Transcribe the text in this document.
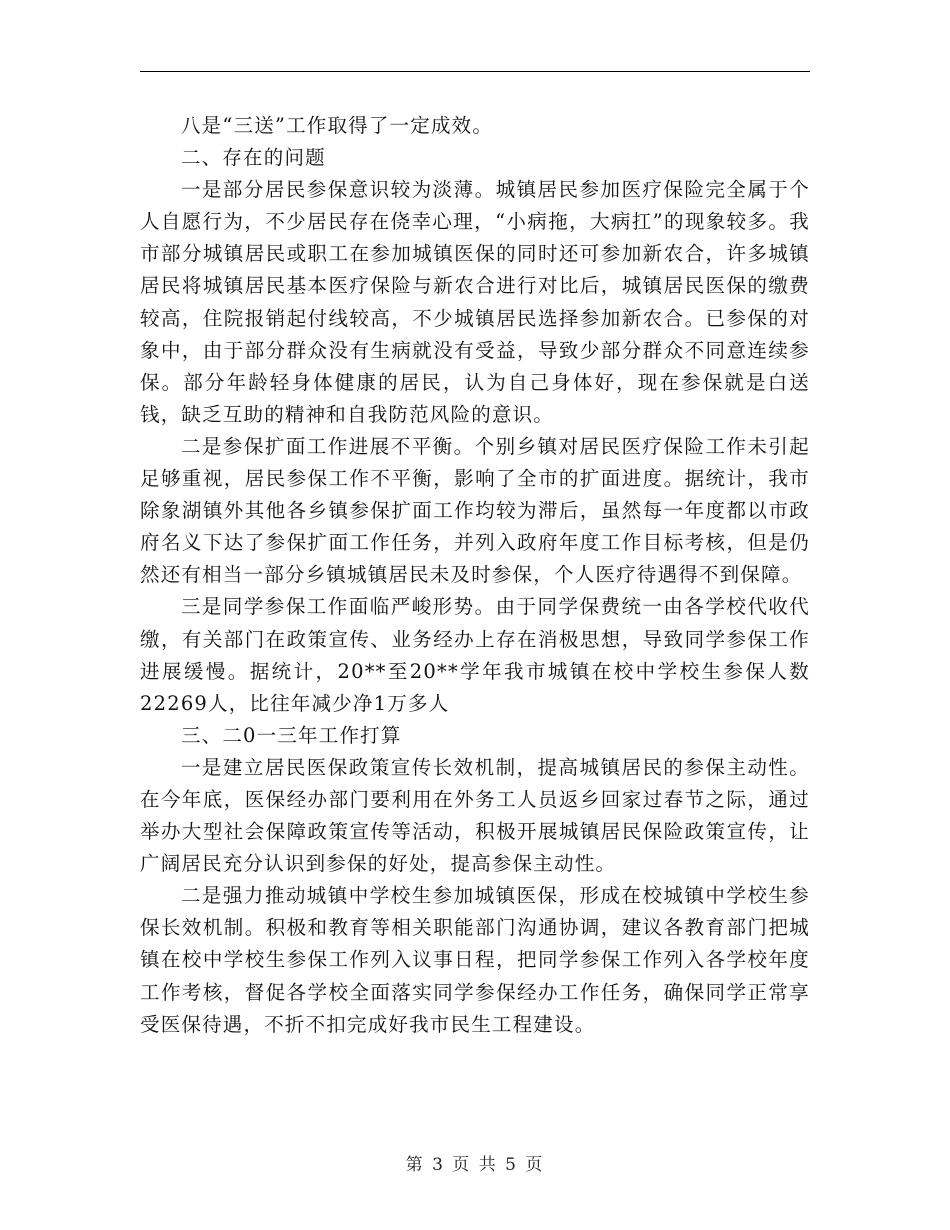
八是“三送”工作取得了一定成效。

二、存在的问题

一是部分居民参保意识较为淡薄。城镇居民参加医疗保险完全属于个人自愿行为，不少居民存在侥幸心理，“小病拖，大病扛”的现象较多。我市部分城镇居民或职工在参加城镇医保的同时还可参加新农合，许多城镇居民将城镇居民基本医疗保险与新农合进行对比后，城镇居民医保的缴费较高，住院报销起付线较高，不少城镇居民选择参加新农合。已参保的对象中，由于部分群众没有生病就没有受益，导致少部分群众不同意连续参保。部分年龄轻身体健康的居民，认为自己身体好，现在参保就是白送钱，缺乏互助的精神和自我防范风险的意识。

二是参保扩面工作进展不平衡。个别乡镇对居民医疗保险工作未引起足够重视，居民参保工作不平衡，影响了全市的扩面进度。据统计，我市除象湖镇外其他各乡镇参保扩面工作均较为滞后，虽然每一年度都以市政府名义下达了参保扩面工作任务，并列入政府年度工作目标考核，但是仍然还有相当一部分乡镇城镇居民未及时参保，个人医疗待遇得不到保障。

三是同学参保工作面临严峻形势。由于同学保费统一由各学校代收代缴，有关部门在政策宣传、业务经办上存在消极思想，导致同学参保工作进展缓慢。据统计，20**至20**学年我市城镇在校中学校生参保人数22269人，比往年减少净1万多人

三、二0一三年工作打算

一是建立居民医保政策宣传长效机制，提高城镇居民的参保主动性。在今年底，医保经办部门要利用在外务工人员返乡回家过春节之际，通过举办大型社会保障政策宣传等活动，积极开展城镇居民保险政策宣传，让广阔居民充分认识到参保的好处，提高参保主动性。

二是强力推动城镇中学校生参加城镇医保，形成在校城镇中学校生参保长效机制。积极和教育等相关职能部门沟通协调，建议各教育部门把城镇在校中学校生参保工作列入议事日程，把同学参保工作列入各学校年度工作考核，督促各学校全面落实同学参保经办工作任务，确保同学正常享受医保待遇，不折不扣完成好我市民生工程建设。

第 3 页 共 5 页
